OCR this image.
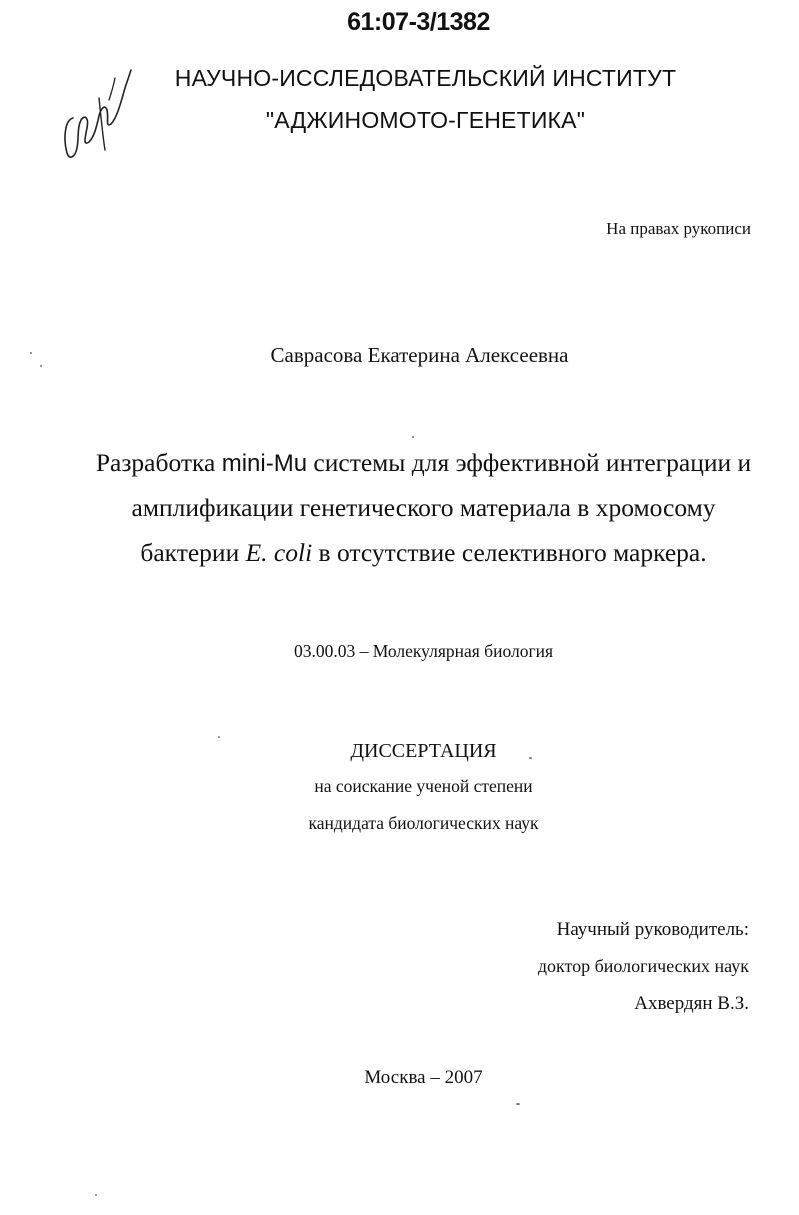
61:07-3/1382
НАУЧНО-ИССЛЕДОВАТЕЛЬСКИЙ ИНСТИТУТ
"АДЖИНОМОТО-ГЕНЕТИКА"
На правах рукописи
Саврасова Екатерина Алексеевна
Разработка mini-Mu системы для эффективной интеграции и
амплификации генетического материала в хромосому
бактерии E. coli в отсутствие селективного маркера.
03.00.03 – Молекулярная биология
ДИССЕРТАЦИЯ
на соискание ученой степени
кандидата биологических наук
Научный руководитель:
доктор биологических наук
Ахвердян В.З.
Москва – 2007
